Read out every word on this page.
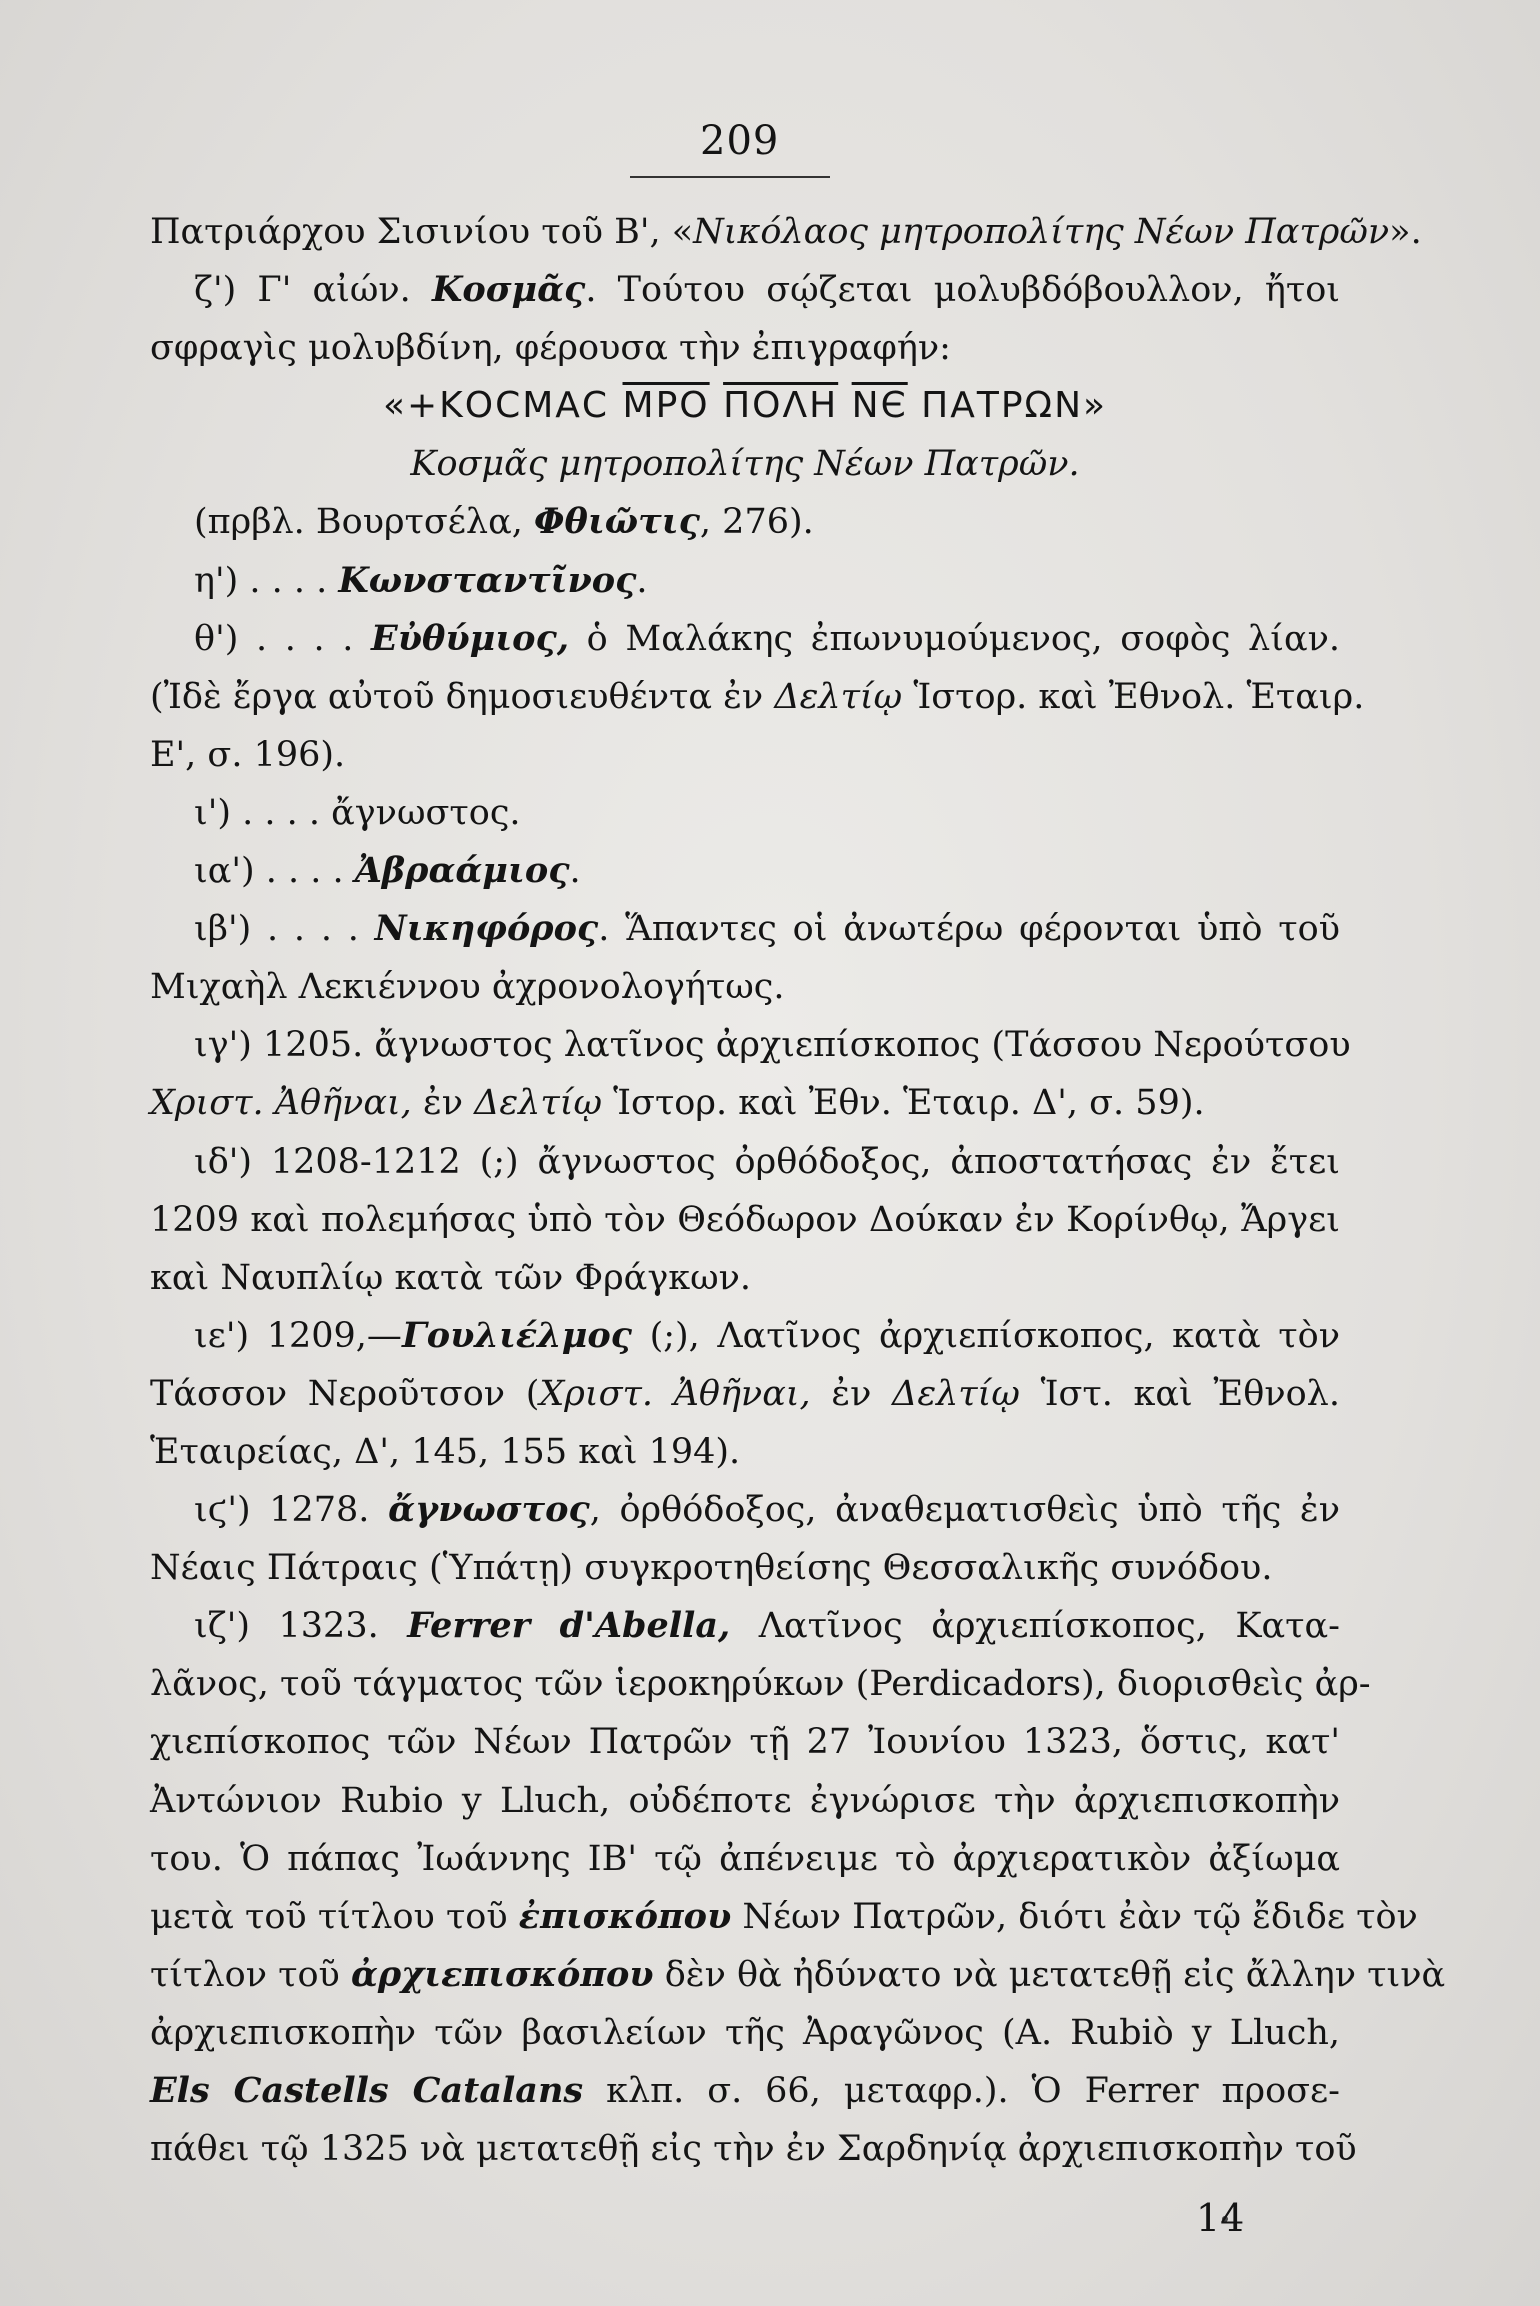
209
Πατριάρχου Σισινίου τοῦ Β', «Νικόλαος μητροπολίτης Νέων Πατρῶν».
ζ') Γ' αἰών. Κοσμᾶς. Τούτου σῴζεται μολυβδόβουλλον, ἤτοι
σφραγὶς μολυβδίνη, φέρουσα τὴν ἐπιγραφήν:
«+ΚΟCΜΑC $\overline{MPO}$ ΠΟΛΗ ΝЄ ΠΑΤΡΩΝ»
Κοσμᾶς μητροπολίτης Νέων Πατρῶν.
(πρβλ. Βουρτσέλα, Φθιῶτις, 276).
η') . . . . Κωνσταντῖνος.
θ') . . . . Εὐθύμιος, ὁ Μαλάκης ἐπωνυμούμενος, σοφὸς λίαν.
(Ἰδὲ ἔργα αὐτοῦ δημοσιευθέντα ἐν Δελτίῳ Ἱστορ. καὶ Ἐθνολ. Ἑταιρ.
Ε', σ. 196).
ι') . . . . ἄγνωστος.
ια') . . . . Ἀβραάμιος.
ιβ') . . . . Νικηφόρος. Ἅπαντες οἱ ἀνωτέρω φέρονται ὑπὸ τοῦ
Μιχαὴλ Λεκιέννου ἀχρονολογήτως.
ιγ') 1205. ἄγνωστος λατῖνος ἀρχιεπίσκοπος (Τάσσου Νερούτσου
Χριστ. Ἀθῆναι, ἐν Δελτίῳ Ἱστορ. καὶ Ἐθν. Ἑταιρ. Δ', σ. 59).
ιδ') 1208-1212 (;) ἄγνωστος ὀρθόδοξος, ἀποστατήσας ἐν ἔτει
1209 καὶ πολεμήσας ὑπὸ τὸν Θεόδωρον Δούκαν ἐν Κορίνθῳ, Ἄργει
καὶ Ναυπλίῳ κατὰ τῶν Φράγκων.
ιε') 1209,—Γουλιέλμος (;), Λατῖνος ἀρχιεπίσκοπος, κατὰ τὸν
Τάσσον Νεροῦτσον (Χριστ. Ἀθῆναι, ἐν Δελτίῳ Ἱστ. καὶ Ἐθνολ.
Ἑταιρείας, Δ', 145, 155 καὶ 194).
ιϛ') 1278. ἄγνωστος, ὀρθόδοξος, ἀναθεματισθεὶς ὑπὸ τῆς ἐν
Νέαις Πάτραις (Ὑπάτῃ) συγκροτηθείσης Θεσσαλικῆς συνόδου.
ιζ') 1323. Ferrer d'Abella, Λατῖνος ἀρχιεπίσκοπος, Κατα-
λᾶνος, τοῦ τάγματος τῶν ἱεροκηρύκων (Perdicadors), διορισθεὶς ἀρ-
χιεπίσκοπος τῶν Νέων Πατρῶν τῇ 27 Ἰουνίου 1323, ὅστις, κατ'
Ἀντώνιον Rubio y Lluch, οὐδέποτε ἐγνώρισε τὴν ἀρχιεπισκοπὴν
του. Ὁ πάπας Ἰωάννης ΙΒ' τῷ ἀπένειμε τὸ ἀρχιερατικὸν ἀξίωμα
μετὰ τοῦ τίτλου τοῦ ἐπισκόπου Νέων Πατρῶν, διότι ἐὰν τῷ ἔδιδε τὸν
τίτλον τοῦ ἀρχιεπισκόπου δὲν θὰ ἠδύνατο νὰ μετατεθῇ εἰς ἄλλην τινὰ
ἀρχιεπισκοπὴν τῶν βασιλείων τῆς Ἀραγῶνος (A. Rubiò y Lluch,
Els Castells Catalans κλπ. σ. 66, μεταφρ.). Ὁ Ferrer προσε-
πάθει τῷ 1325 νὰ μετατεθῇ εἰς τὴν ἐν Σαρδηνίᾳ ἀρχιεπισκοπὴν τοῦ
14
